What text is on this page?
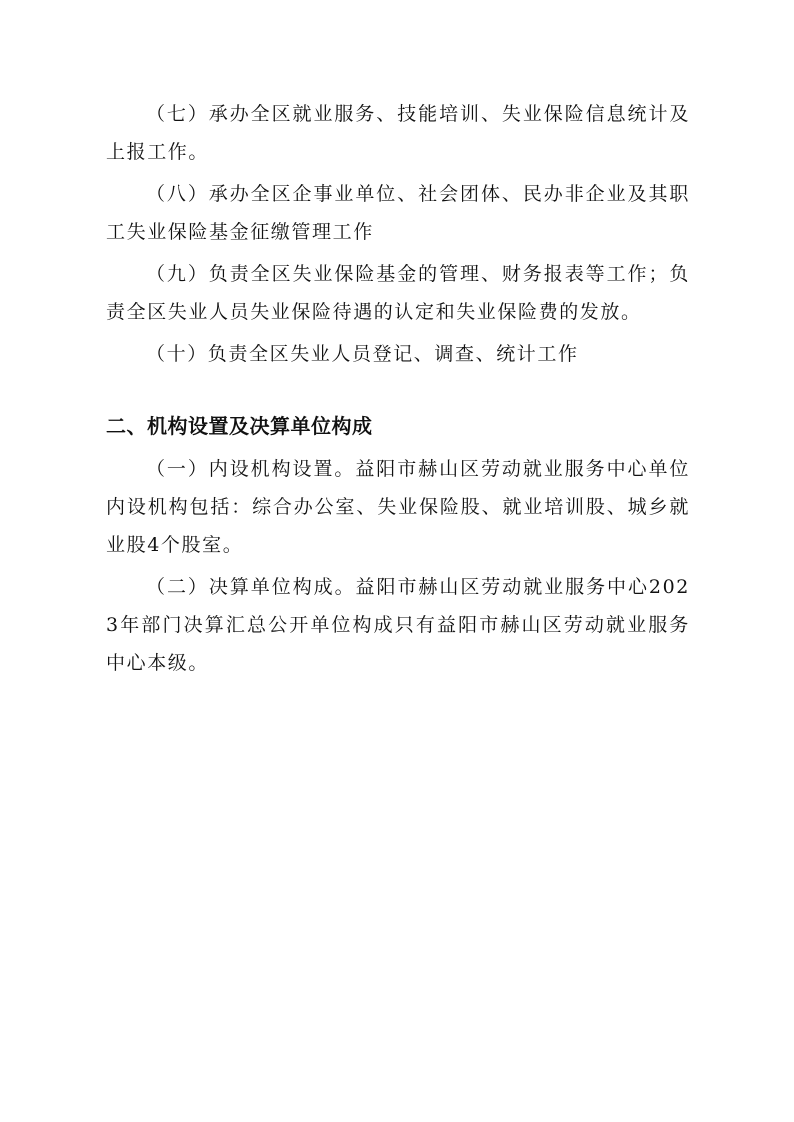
（七）承办全区就业服务、技能培训、失业保险信息统计及上报工作。

（八）承办全区企事业单位、社会团体、民办非企业及其职工失业保险基金征缴管理工作

（九）负责全区失业保险基金的管理、财务报表等工作；负责全区失业人员失业保险待遇的认定和失业保险费的发放。

（十）负责全区失业人员登记、调查、统计工作

二、机构设置及决算单位构成

（一）内设机构设置。益阳市赫山区劳动就业服务中心单位内设机构包括：综合办公室、失业保险股、就业培训股、城乡就业股4个股室。

（二）决算单位构成。益阳市赫山区劳动就业服务中心2023年部门决算汇总公开单位构成只有益阳市赫山区劳动就业服务中心本级。
